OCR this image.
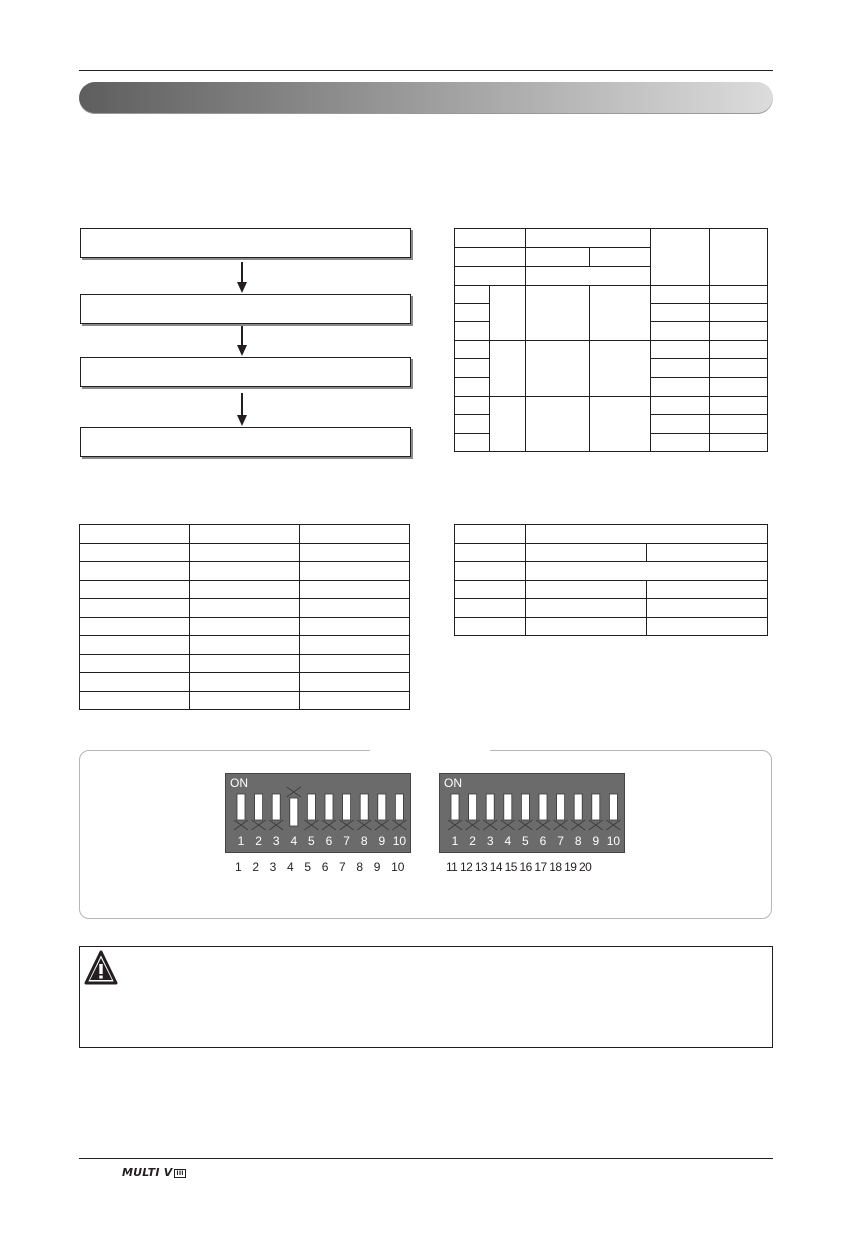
1 2 3 4 5 6 7 8 9 10
ON
1 2 3 4 5 6 7 8 9 10
ON
1  2  3  4  5  6  7  8  9  10	11 12 13 14 15 16 17 18 19 20
MULTI V III
